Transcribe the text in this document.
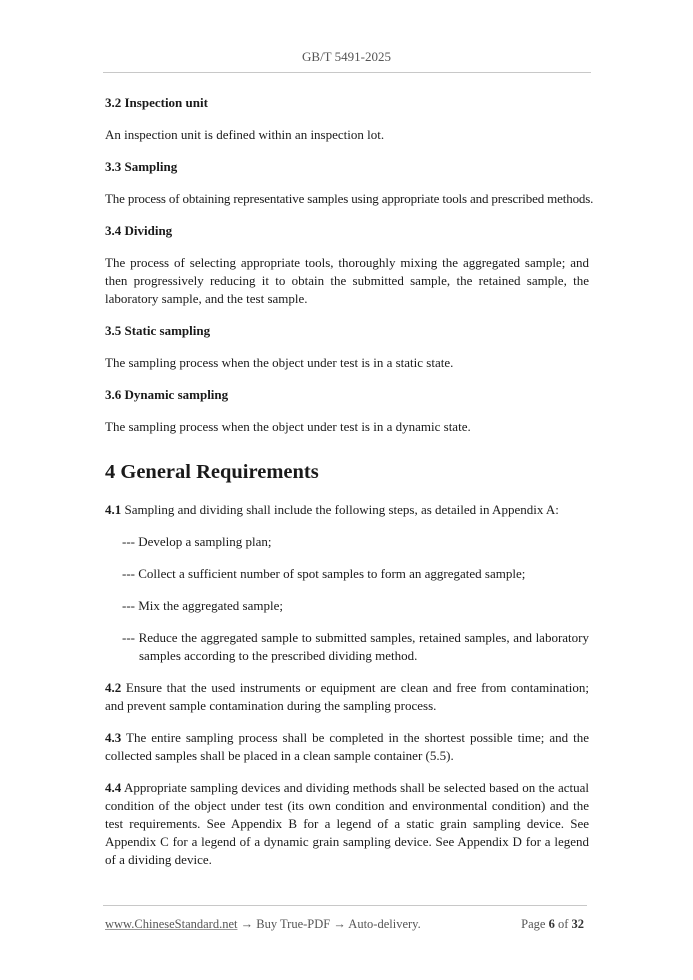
GB/T 5491-2025
3.2 Inspection unit
An inspection unit is defined within an inspection lot.
3.3 Sampling
The process of obtaining representative samples using appropriate tools and prescribed methods.
3.4 Dividing
The process of selecting appropriate tools, thoroughly mixing the aggregated sample; and then progressively reducing it to obtain the submitted sample, the retained sample, the laboratory sample, and the test sample.
3.5 Static sampling
The sampling process when the object under test is in a static state.
3.6 Dynamic sampling
The sampling process when the object under test is in a dynamic state.
4 General Requirements
4.1 Sampling and dividing shall include the following steps, as detailed in Appendix A:
--- Develop a sampling plan;
--- Collect a sufficient number of spot samples to form an aggregated sample;
--- Mix the aggregated sample;
--- Reduce the aggregated sample to submitted samples, retained samples, and laboratory samples according to the prescribed dividing method.
4.2 Ensure that the used instruments or equipment are clean and free from contamination; and prevent sample contamination during the sampling process.
4.3 The entire sampling process shall be completed in the shortest possible time; and the collected samples shall be placed in a clean sample container (5.5).
4.4 Appropriate sampling devices and dividing methods shall be selected based on the actual condition of the object under test (its own condition and environmental condition) and the test requirements. See Appendix B for a legend of a static grain sampling device. See Appendix C for a legend of a dynamic grain sampling device. See Appendix D for a legend of a dividing device.
www.ChineseStandard.net → Buy True-PDF → Auto-delivery.	Page 6 of 32
